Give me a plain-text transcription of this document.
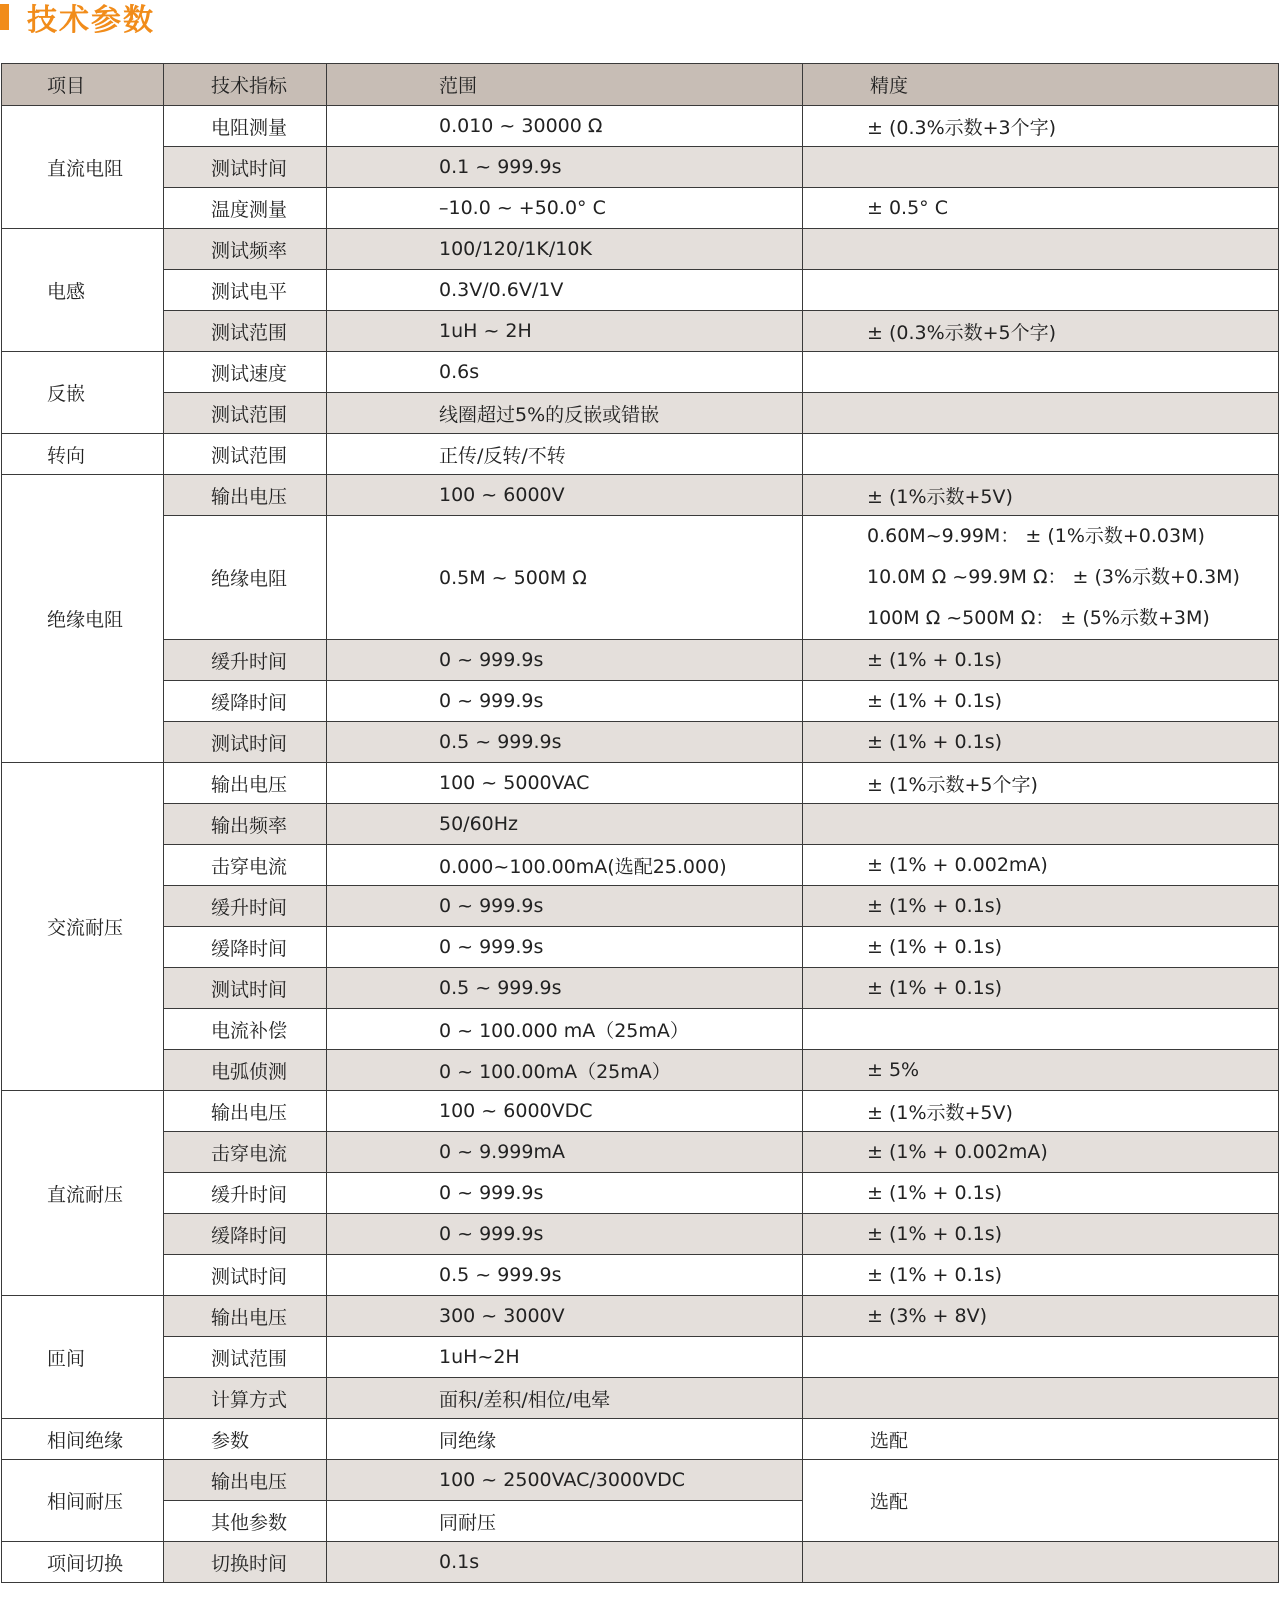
技术参数
项目	技术指标	范围	精度
直流电阻	电阻测量	0.010 ~ 30000 Ω	± (0.3%示数+3个字)
	测试时间	0.1 ~ 999.9s	
	温度测量	–10.0 ~ +50.0° C	± 0.5° C
电感	测试频率	100/120/1K/10K	
	测试电平	0.3V/0.6V/1V	
	测试范围	1uH ~ 2H	± (0.3%示数+5个字)
反嵌	测试速度	0.6s	
	测试范围	线圈超过5%的反嵌或错嵌	
转向	测试范围	正传/反转/不转	
绝缘电阻	输出电压	100 ~ 6000V	± (1%示数+5V)
	绝缘电阻	0.5M ~ 500M Ω	0.60M~9.99M： ± (1%示数+0.03M)
10.0M Ω ~99.9M Ω： ± (3%示数+0.3M)
100M Ω ~500M Ω： ± (5%示数+3M)

	缓升时间	0 ~ 999.9s	± (1% + 0.1s)
	缓降时间	0 ~ 999.9s	± (1% + 0.1s)
	测试时间	0.5 ~ 999.9s	± (1% + 0.1s)
交流耐压	输出电压	100 ~ 5000VAC	± (1%示数+5个字)
	输出频率	50/60Hz	
	击穿电流	0.000~100.00mA(选配25.000)	± (1% + 0.002mA)
	缓升时间	0 ~ 999.9s	± (1% + 0.1s)
	缓降时间	0 ~ 999.9s	± (1% + 0.1s)
	测试时间	0.5 ~ 999.9s	± (1% + 0.1s)
	电流补偿	0 ~ 100.000 mA（25mA）	
	电弧侦测	0 ~ 100.00mA（25mA）	± 5%
直流耐压	输出电压	100 ~ 6000VDC	± (1%示数+5V)
	击穿电流	0 ~ 9.999mA	± (1% + 0.002mA)
	缓升时间	0 ~ 999.9s	± (1% + 0.1s)
	缓降时间	0 ~ 999.9s	± (1% + 0.1s)
	测试时间	0.5 ~ 999.9s	± (1% + 0.1s)
匝间	输出电压	300 ~ 3000V	± (3% + 8V)
	测试范围	1uH~2H	
	计算方式	面积/差积/相位/电晕	
相间绝缘	参数	同绝缘	选配
相间耐压	输出电压	100 ~ 2500VAC/3000VDC	选配
	其他参数	同耐压	
项间切换	切换时间	0.1s	
